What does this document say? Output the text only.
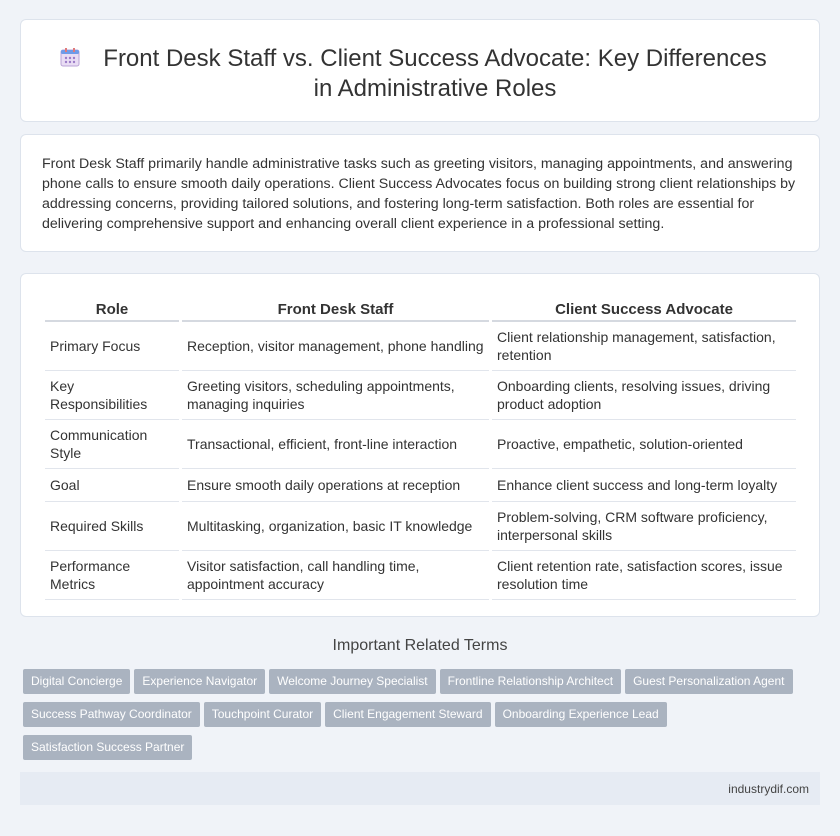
Front Desk Staff vs. Client Success Advocate: Key Differences in Administrative Roles

Front Desk Staff primarily handle administrative tasks such as greeting visitors, managing appointments, and answering phone calls to ensure smooth daily operations. Client Success Advocates focus on building strong client relationships by addressing concerns, providing tailored solutions, and fostering long-term satisfaction. Both roles are essential for delivering comprehensive support and enhancing overall client experience in a professional setting.

Role	Front Desk Staff	Client Success Advocate
Primary Focus	Reception, visitor management, phone handling	Client relationship management, satisfaction, retention
Key Responsibilities	Greeting visitors, scheduling appointments, managing inquiries	Onboarding clients, resolving issues, driving product adoption
Communication Style	Transactional, efficient, front-line interaction	Proactive, empathetic, solution-oriented
Goal	Ensure smooth daily operations at reception	Enhance client success and long-term loyalty
Required Skills	Multitasking, organization, basic IT knowledge	Problem-solving, CRM software proficiency, interpersonal skills
Performance Metrics	Visitor satisfaction, call handling time, appointment accuracy	Client retention rate, satisfaction scores, issue resolution time
Important Related Terms
Digital Concierge Experience Navigator Welcome Journey Specialist Frontline Relationship Architect Guest Personalization Agent
Success Pathway Coordinator Touchpoint Curator Client Engagement Steward Onboarding Experience Lead
Satisfaction Success Partner
industrydif.com
